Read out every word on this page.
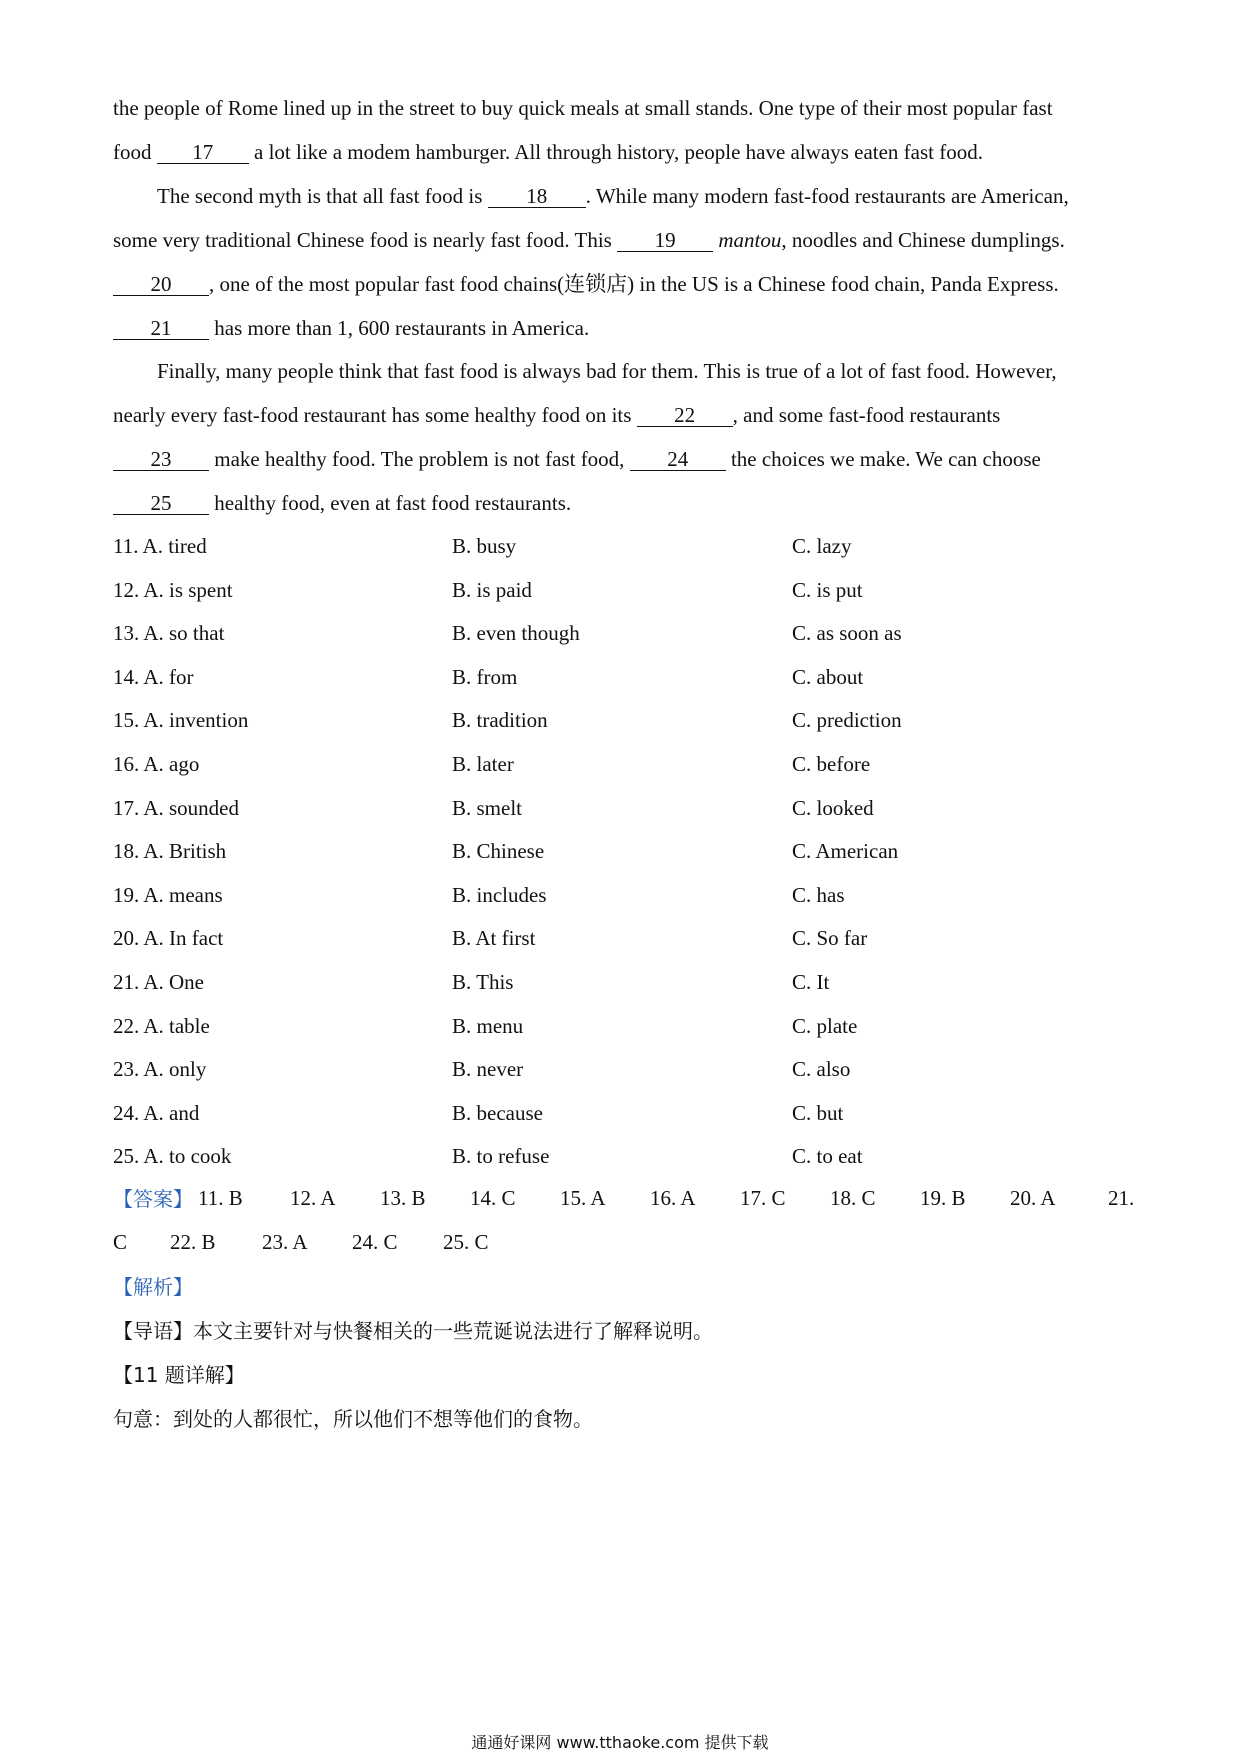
the people of Rome lined up in the street to buy quick meals at small stands. One type of their most popular fast
food 17 a lot like a modem hamburger. All through history, people have always eaten fast food.
The second myth is that all fast food is 18 . While many modern fast-food restaurants are American,
some very traditional Chinese food is nearly fast food. This 19 mantou, noodles and Chinese dumplings.
20 , one of the most popular fast food chains(连锁店) in the US is a Chinese food chain, Panda Express.
21 has more than 1, 600 restaurants in America.
Finally, many people think that fast food is always bad for them. This is true of a lot of fast food. However,
nearly every fast-food restaurant has some healthy food on its 22 , and some fast-food restaurants
23 make healthy food. The problem is not fast food, 24 the choices we make. We can choose
25 healthy food, even at fast food restaurants.
11. A. tired	B. busy	C. lazy
12. A. is spent	B. is paid	C. is put
13. A. so that	B. even though	C. as soon as
14. A. for	B. from	C. about
15. A. invention	B. tradition	C. prediction
16. A. ago	B. later	C. before
17. A. sounded	B. smelt	C. looked
18. A. British	B. Chinese	C. American
19. A. means	B. includes	C. has
20. A. In fact	B. At first	C. So far
21. A. One	B. This	C. It
22. A. table	B. menu	C. plate
23. A. only	B. never	C. also
24. A. and	B. because	C. but
25. A. to cook	B. to refuse	C. to eat
【答案】 11. B 12. A 13. B 14. C 15. A 16. A 17. C 18. C 19. B 20. A 21.
C 22. B 23. A 24. C 25. C
【解析】
【导语】本文主要针对与快餐相关的一些荒诞说法进行了解释说明。
【11 题详解】
句意：到处的人都很忙，所以他们不想等他们的食物。
通通好课网 www.tthaoke.com 提供下载
